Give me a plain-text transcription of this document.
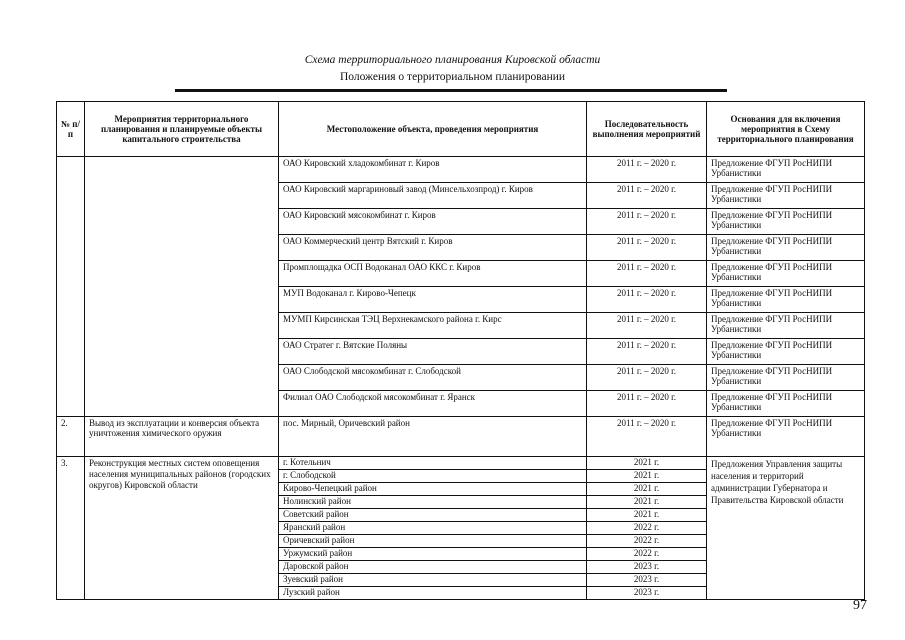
Схема территориального планирования Кировской области
Положения о территориальном планировании
№ п/п	Мероприятия территориального планирования и планируемые объекты капитального строительства	Местоположение объекта, проведения мероприятия	Последовательность выполнения мероприятий	Основания для включения мероприятия в Схему территориального планирования
		ОАО Кировский хладокомбинат г. Киров	2011 г. – 2020 г.	Предложение ФГУП РосНИПИ Урбанистики
		ОАО Кировский маргариновый завод (Минсельхозпрод) г. Киров	2011 г. – 2020 г.	Предложение ФГУП РосНИПИ Урбанистики
		ОАО Кировский мясокомбинат г. Киров	2011 г. – 2020 г.	Предложение ФГУП РосНИПИ Урбанистики
		ОАО Коммерческий центр Вятский г. Киров	2011 г. – 2020 г.	Предложение ФГУП РосНИПИ Урбанистики
		Промплощадка ОСП Водоканал ОАО ККС г. Киров	2011 г. – 2020 г.	Предложение ФГУП РосНИПИ Урбанистики
		МУП Водоканал г. Кирово-Чепецк	2011 г. – 2020 г.	Предложение ФГУП РосНИПИ Урбанистики
		МУМП Кирсинская ТЭЦ Верхнекамского района г. Кирс	2011 г. – 2020 г.	Предложение ФГУП РосНИПИ Урбанистики
		ОАО Стратег г. Вятские Поляны	2011 г. – 2020 г.	Предложение ФГУП РосНИПИ Урбанистики
		ОАО Слободской мясокомбинат г. Слободской	2011 г. – 2020 г.	Предложение ФГУП РосНИПИ Урбанистики
		Филиал ОАО Слободской мясокомбинат г. Яранск	2011 г. – 2020 г.	Предложение ФГУП РосНИПИ Урбанистики
2.	Вывод из эксплуатации и конверсия объекта уничтожения химического оружия	пос. Мирный, Оричевский район	2011 г. – 2020 г.	Предложение ФГУП РосНИПИ Урбанистики
3.	Реконструкция местных систем оповещения населения муниципальных районов (городских округов) Кировской области	г. Котельнич	2021 г.	Предложения Управления защиты населения и территорий администрации Губернатора и Правительства Кировской области
		г. Слободской	2021 г.	
		Кирово-Чепецкий район	2021 г.	
		Нолинский район	2021 г.	
		Советский район	2021 г.	
		Яранский район	2022 г.	
		Оричевский район	2022 г.	
		Уржумский район	2022 г.	
		Даровской район	2023 г.	
		Зуевский район	2023 г.	
		Лузский район	2023 г.	
97
